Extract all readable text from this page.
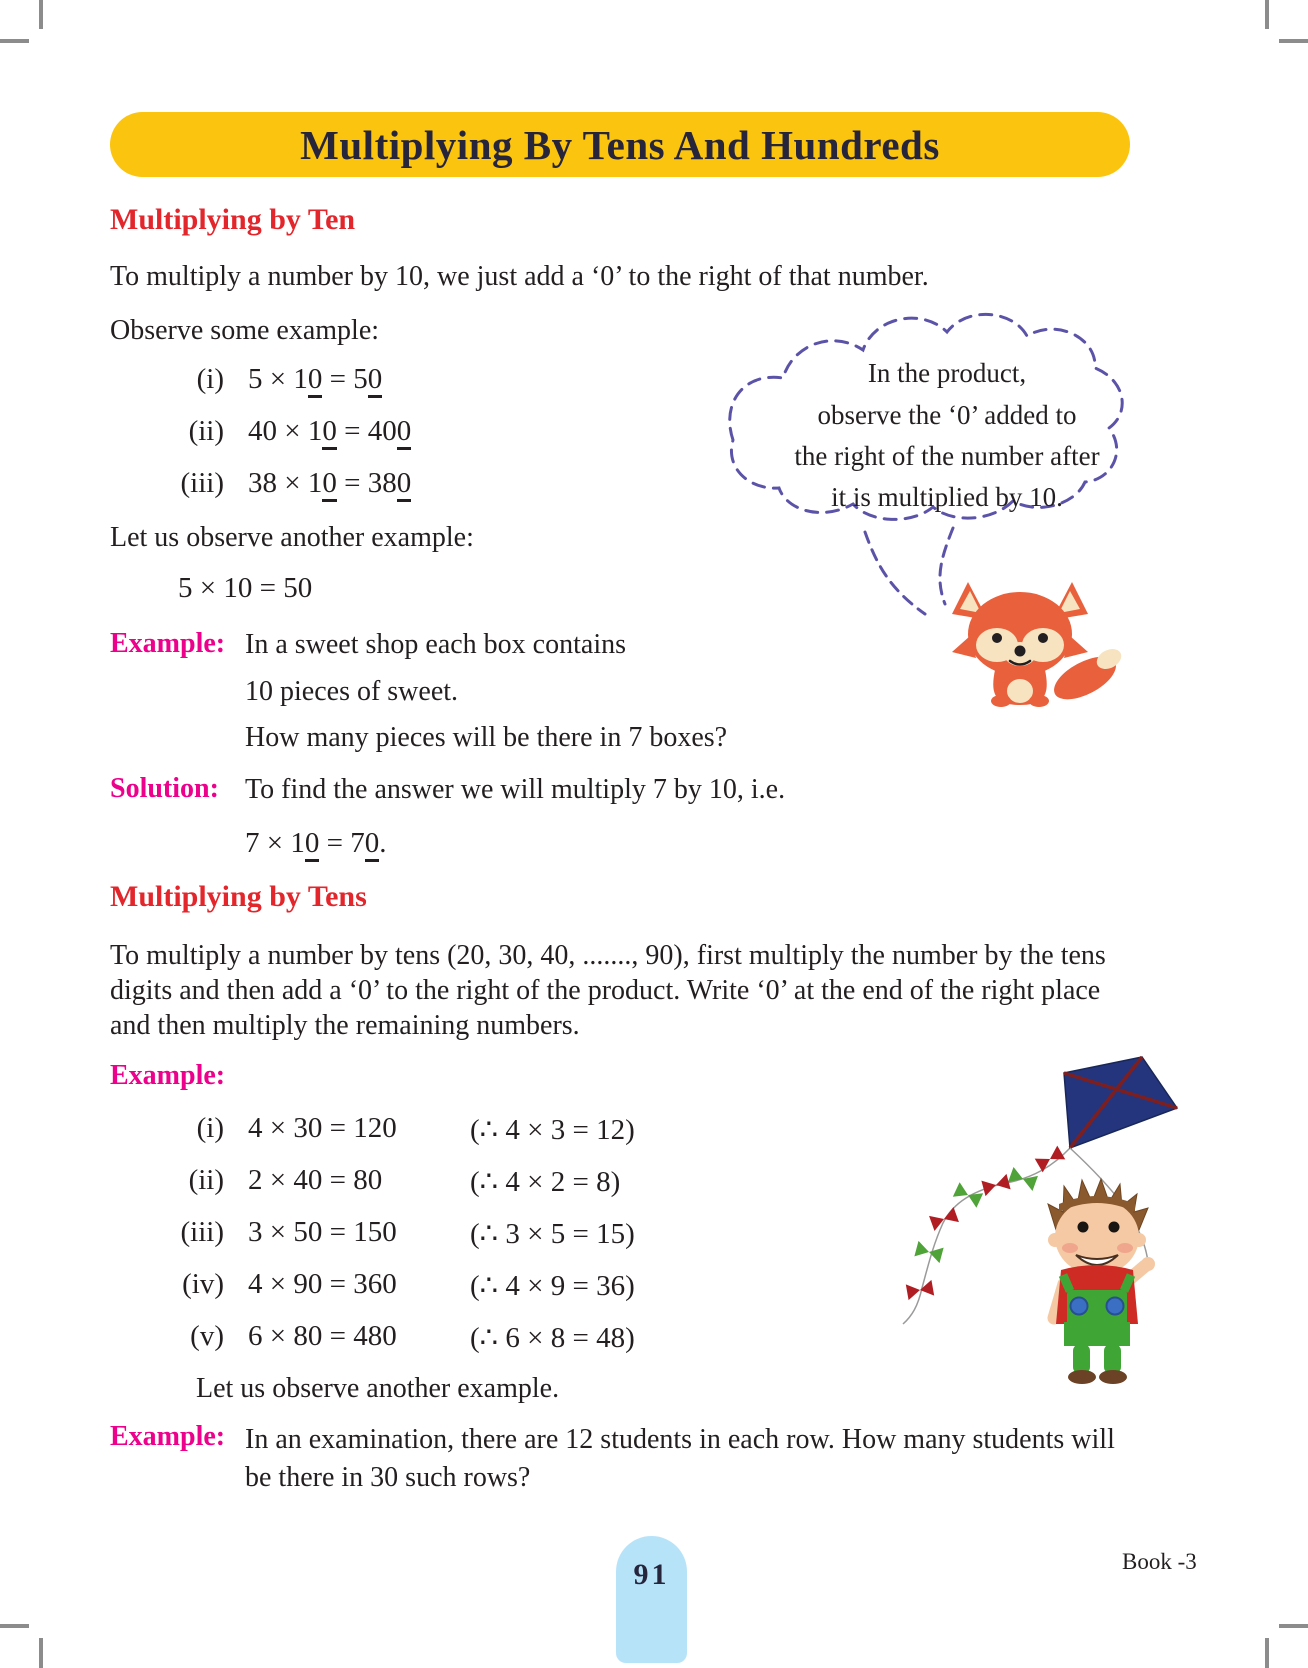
Multiplying By Tens And Hundreds
Multiplying by Ten
To multiply a number by 10, we just add a ‘0’ to the right of that number.
Observe some example:
(i) 5 × 10 = 50
(ii) 40 × 10 = 400
(iii) 38 × 10 = 380
Let us observe another example:
5 × 10 = 50
In the product,
observe the ‘0’ added to
the right of the number after
it is multiplied by 10.
Example: In a sweet shop each box contains
10 pieces of sweet.
How many pieces will be there in 7 boxes?
Solution: To find the answer we will multiply 7 by 10, i.e.
7 × 10 = 70.
Multiplying by Tens
To multiply a number by tens (20, 30, 40, ......., 90), first multiply the number by the tens digits and then add a ‘0’ to the right of the product. Write ‘0’ at the end of the right place and then multiply the remaining numbers.
Example:
(i) 4 × 30 = 120	(∴ 4 × 3 = 12)
(ii) 2 × 40 = 80	(∴ 4 × 2 = 8)
(iii) 3 × 50 = 150	(∴ 3 × 5 = 15)
(iv) 4 × 90 = 360	(∴ 4 × 9 = 36)
(v) 6 × 80 = 480	(∴ 6 × 8 = 48)
Let us observe another example.
Example: In an examination, there are 12 students in each row. How many students will be there in 30 such rows?
91	Book -3
